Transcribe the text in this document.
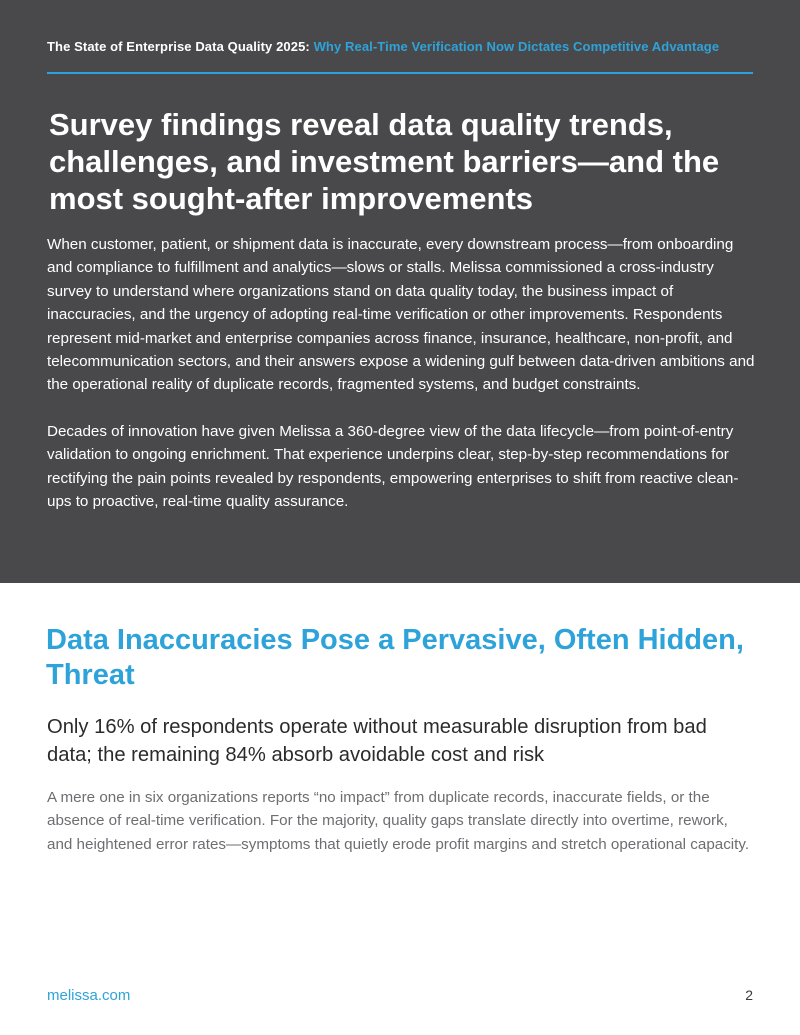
The State of Enterprise Data Quality 2025: Why Real-Time Verification Now Dictates Competitive Advantage
Survey findings reveal data quality trends, challenges, and investment barriers—and the most sought-after improvements

When customer, patient, or shipment data is inaccurate, every downstream process—from onboarding and compliance to fulfillment and analytics—slows or stalls. Melissa commissioned a cross-industry survey to understand where organizations stand on data quality today, the business impact of inaccuracies, and the urgency of adopting real-time verification or other improvements. Respondents represent mid-market and enterprise companies across finance, insurance, healthcare, non-profit, and telecommunication sectors, and their answers expose a widening gulf between data-driven ambitions and the operational reality of duplicate records, fragmented systems, and budget constraints.

Decades of innovation have given Melissa a 360-degree view of the data lifecycle—from point-of-entry validation to ongoing enrichment. That experience underpins clear, step-by-step recommendations for rectifying the pain points revealed by respondents, empowering enterprises to shift from reactive clean-ups to proactive, real-time quality assurance.

Data Inaccuracies Pose a Pervasive, Often Hidden, Threat

Only 16% of respondents operate without measurable disruption from bad data; the remaining 84% absorb avoidable cost and risk

A mere one in six organizations reports “no impact” from duplicate records, inaccurate fields, or the absence of real-time verification. For the majority, quality gaps translate directly into overtime, rework, and heightened error rates—symptoms that quietly erode profit margins and stretch operational capacity.

melissa.com	2
